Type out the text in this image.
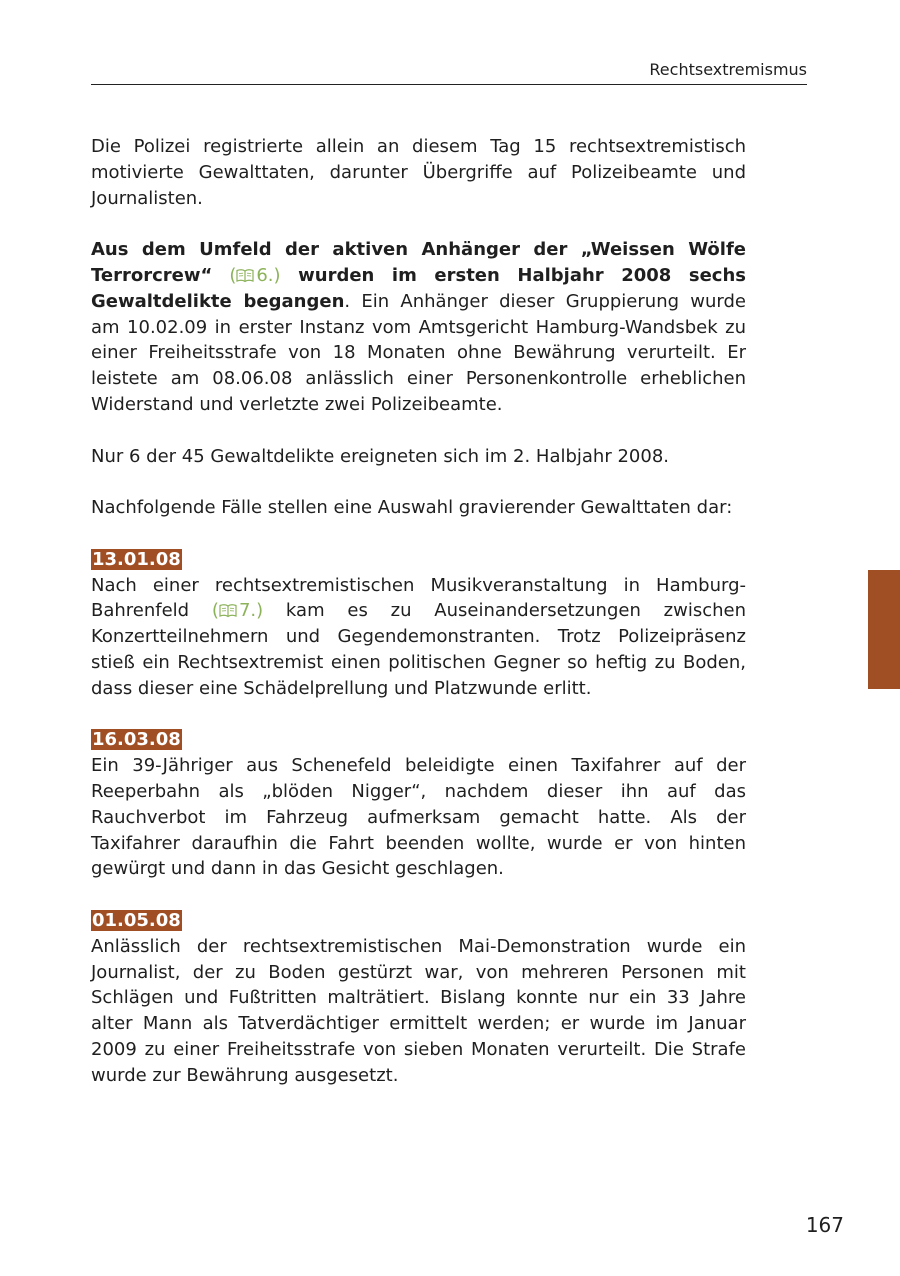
Rechtsextremismus

Die Polizei registrierte allein an diesem Tag 15 rechtsextremistisch motivierte Gewalttaten, darunter Übergriffe auf Polizeibeamte und Journalisten.

Aus dem Umfeld der aktiven Anhänger der „Weissen Wölfe Terrorcrew“ ( 6.) wurden im ersten Halbjahr 2008 sechs Gewaltdelikte begangen. Ein Anhänger dieser Gruppierung wurde am 10.02.09 in erster Instanz vom Amtsgericht Hamburg-Wandsbek zu einer Freiheitsstrafe von 18 Monaten ohne Bewährung verurteilt. Er leistete am 08.06.08 anlässlich einer Personenkontrolle erheblichen Widerstand und verletzte zwei Polizeibeamte.

Nur 6 der 45 Gewaltdelikte ereigneten sich im 2. Halbjahr 2008.

Nachfolgende Fälle stellen eine Auswahl gravierender Gewalttaten dar:

13.01.08
Nach einer rechtsextremistischen Musikveranstaltung in Hamburg-Bahrenfeld ( 7.) kam es zu Auseinandersetzungen zwischen Konzertteilnehmern und Gegendemonstranten. Trotz Polizeipräsenz stieß ein Rechtsextremist einen politischen Gegner so heftig zu Boden, dass dieser eine Schädelprellung und Platzwunde erlitt.

16.03.08
Ein 39-Jähriger aus Schenefeld beleidigte einen Taxifahrer auf der Reeperbahn als „blöden Nigger“, nachdem dieser ihn auf das Rauchverbot im Fahrzeug aufmerksam gemacht hatte. Als der Taxifahrer daraufhin die Fahrt beenden wollte, wurde er von hinten gewürgt und dann in das Gesicht geschlagen.

01.05.08
Anlässlich der rechtsextremistischen Mai-Demonstration wurde ein Journalist, der zu Boden gestürzt war, von mehreren Personen mit Schlägen und Fußtritten malträtiert. Bislang konnte nur ein 33 Jahre alter Mann als Tatverdächtiger ermittelt werden; er wurde im Januar 2009 zu einer Freiheitsstrafe von sieben Monaten verurteilt. Die Strafe wurde zur Bewährung ausgesetzt.

167
